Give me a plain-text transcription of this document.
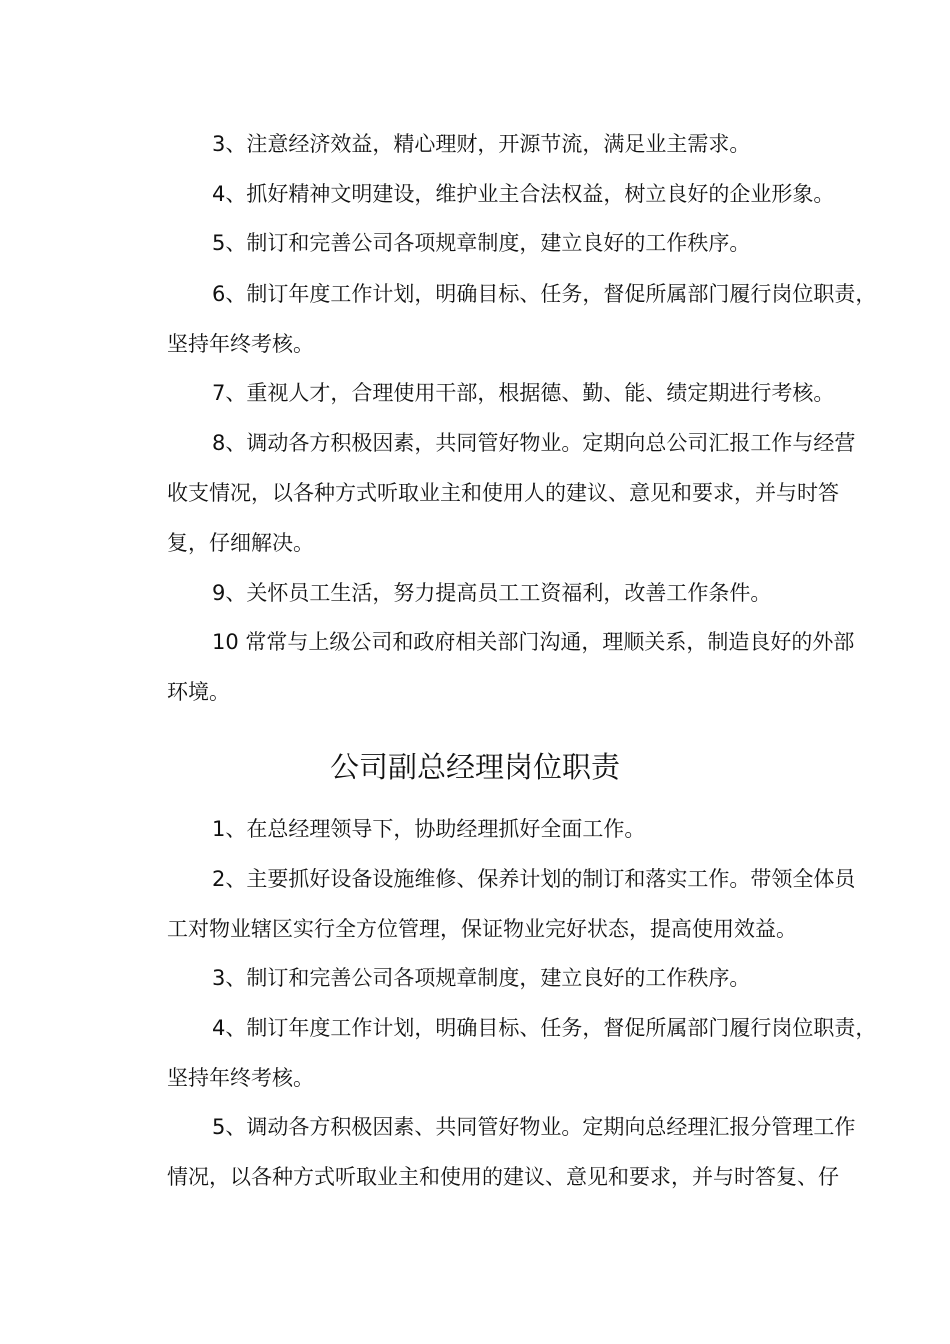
3、注意经济效益，精心理财，开源节流，满足业主需求。
4、抓好精神文明建设，维护业主合法权益，树立良好的企业形象。
5、制订和完善公司各项规章制度，建立良好的工作秩序。
6、制订年度工作计划，明确目标、任务，督促所属部门履行岗位职责，
坚持年终考核。
7、重视人才，合理使用干部，根据德、勤、能、绩定期进行考核。
8、调动各方积极因素，共同管好物业。定期向总公司汇报工作与经营
收支情况，以各种方式听取业主和使用人的建议、意见和要求，并与时答
复，仔细解决。
9、关怀员工生活，努力提高员工工资福利，改善工作条件。
10 常常与上级公司和政府相关部门沟通，理顺关系，制造良好的外部
环境。
公司副总经理岗位职责
1、在总经理领导下，协助经理抓好全面工作。
2、主要抓好设备设施维修、保养计划的制订和落实工作。带领全体员
工对物业辖区实行全方位管理，保证物业完好状态，提高使用效益。
3、制订和完善公司各项规章制度，建立良好的工作秩序。
4、制订年度工作计划，明确目标、任务，督促所属部门履行岗位职责，
坚持年终考核。
5、调动各方积极因素、共同管好物业。定期向总经理汇报分管理工作
情况，以各种方式听取业主和使用的建议、意见和要求，并与时答复、仔
